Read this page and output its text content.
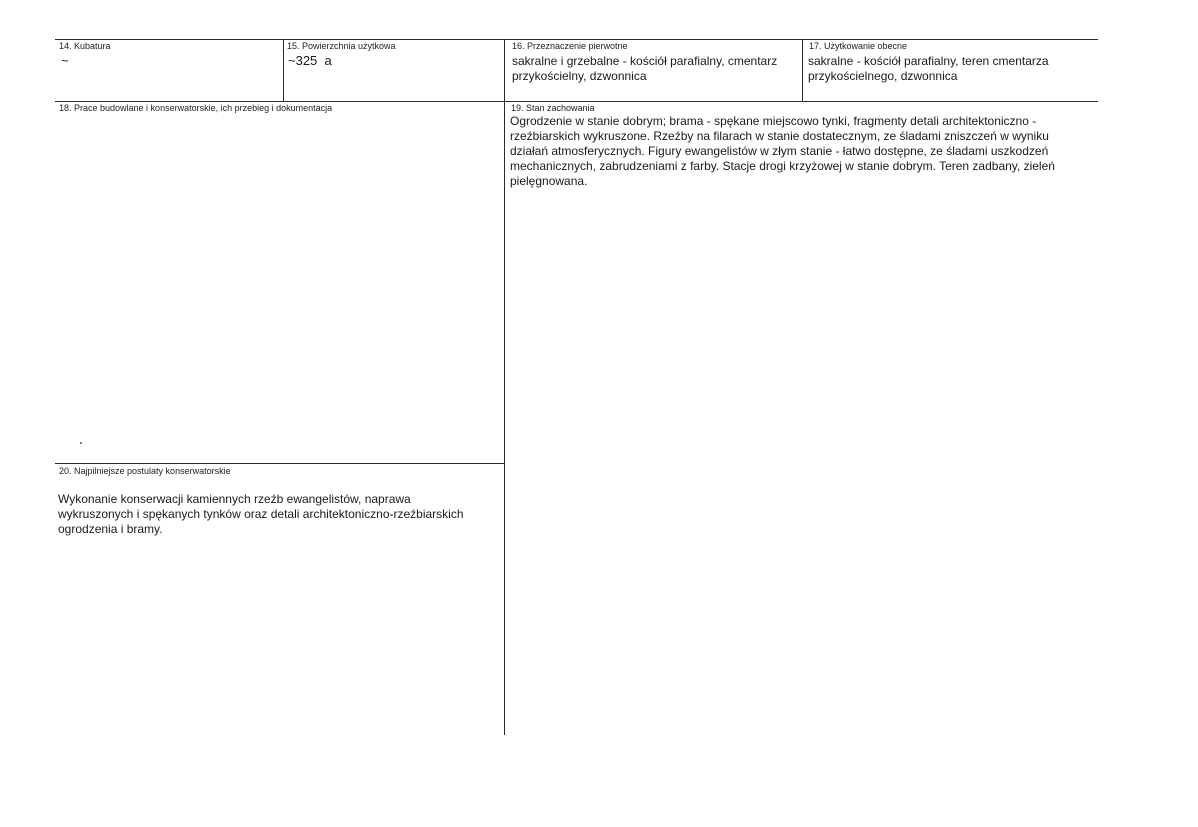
14. Kubatura
~
15. Powierzchnia użytkowa
~325  a
16. Przeznaczenie pierwotne
sakralne i grzebalne - kościół parafialny, cmentarz przykościelny, dzwonnica
17. Użytkowanie obecne
sakralne - kościół parafialny, teren cmentarza przykościelnego, dzwonnica
18. Prace budowlane i konserwatorskie, ich przebieg i dokumentacja	19. Stan zachowania
Ogrodzenie w stanie dobrym; brama - spękane miejscowo tynki, fragmenty detali architektoniczno - rzeźbiarskich wykruszone. Rzeźby na filarach w stanie dostatecznym, ze śladami zniszczeń w wyniku działań atmosferycznych. Figury ewangelistów w złym stanie - łatwo dostępne, ze śladami uszkodzeń mechanicznych, zabrudzeniami z farby. Stacje drogi krzyżowej w stanie dobrym. Teren zadbany, zieleń pielęgnowana.
20. Najpilniejsze postulaty konserwatorskie
Wykonanie konserwacji kamiennych rzeźb ewangelistów, naprawa wykruszonych i spękanych tynków oraz detali architektoniczno-rzeźbiarskich ogrodzenia i bramy.
